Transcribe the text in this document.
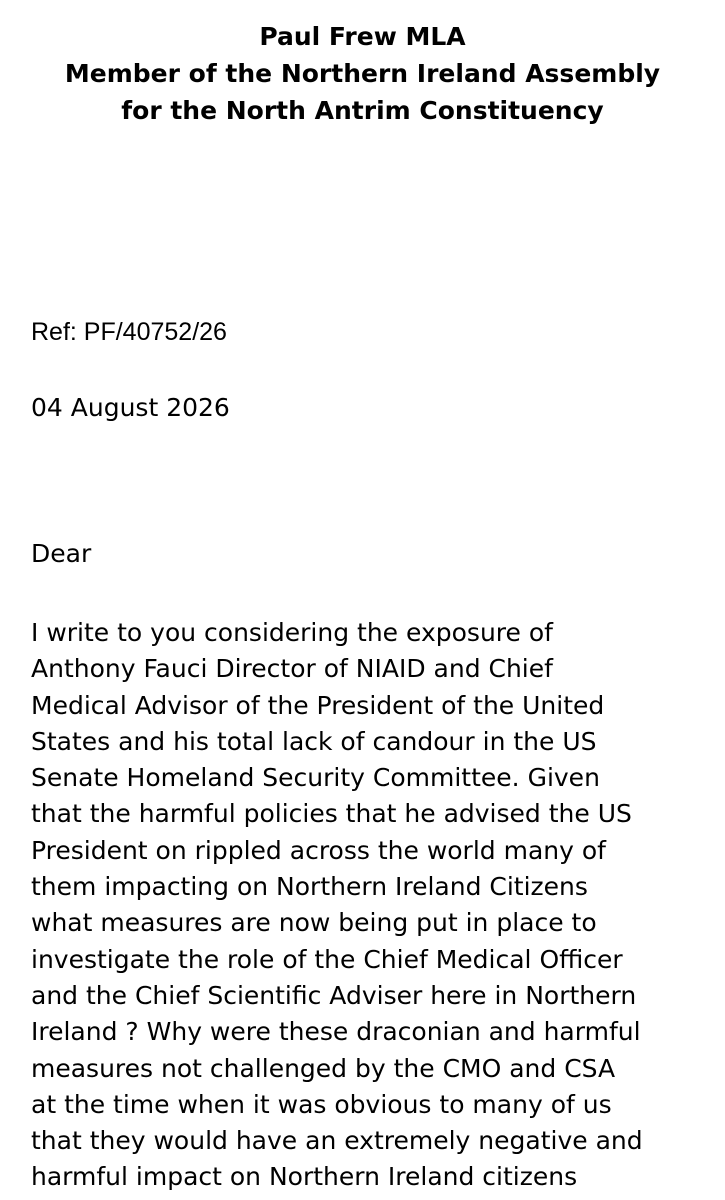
Paul Frew MLA
Member of the Northern Ireland Assembly
for the North Antrim Constituency
Ref: PF/40752/26
04 August 2026
Dear
I write to you considering the exposure of
Anthony Fauci Director of NIAID and Chief
Medical Advisor of the President of the United
States and his total lack of candour in the US
Senate Homeland Security Committee. Given
that the harmful policies that he advised the US
President on rippled across the world many of
them impacting on Northern Ireland Citizens
what measures are now being put in place to
investigate the role of the Chief Medical Officer
and the Chief Scientific Adviser here in Northern
Ireland ? Why were these draconian and harmful
measures not challenged by the CMO and CSA
at the time when it was obvious to many of us
that they would have an extremely negative and
harmful impact on Northern Ireland citizens
